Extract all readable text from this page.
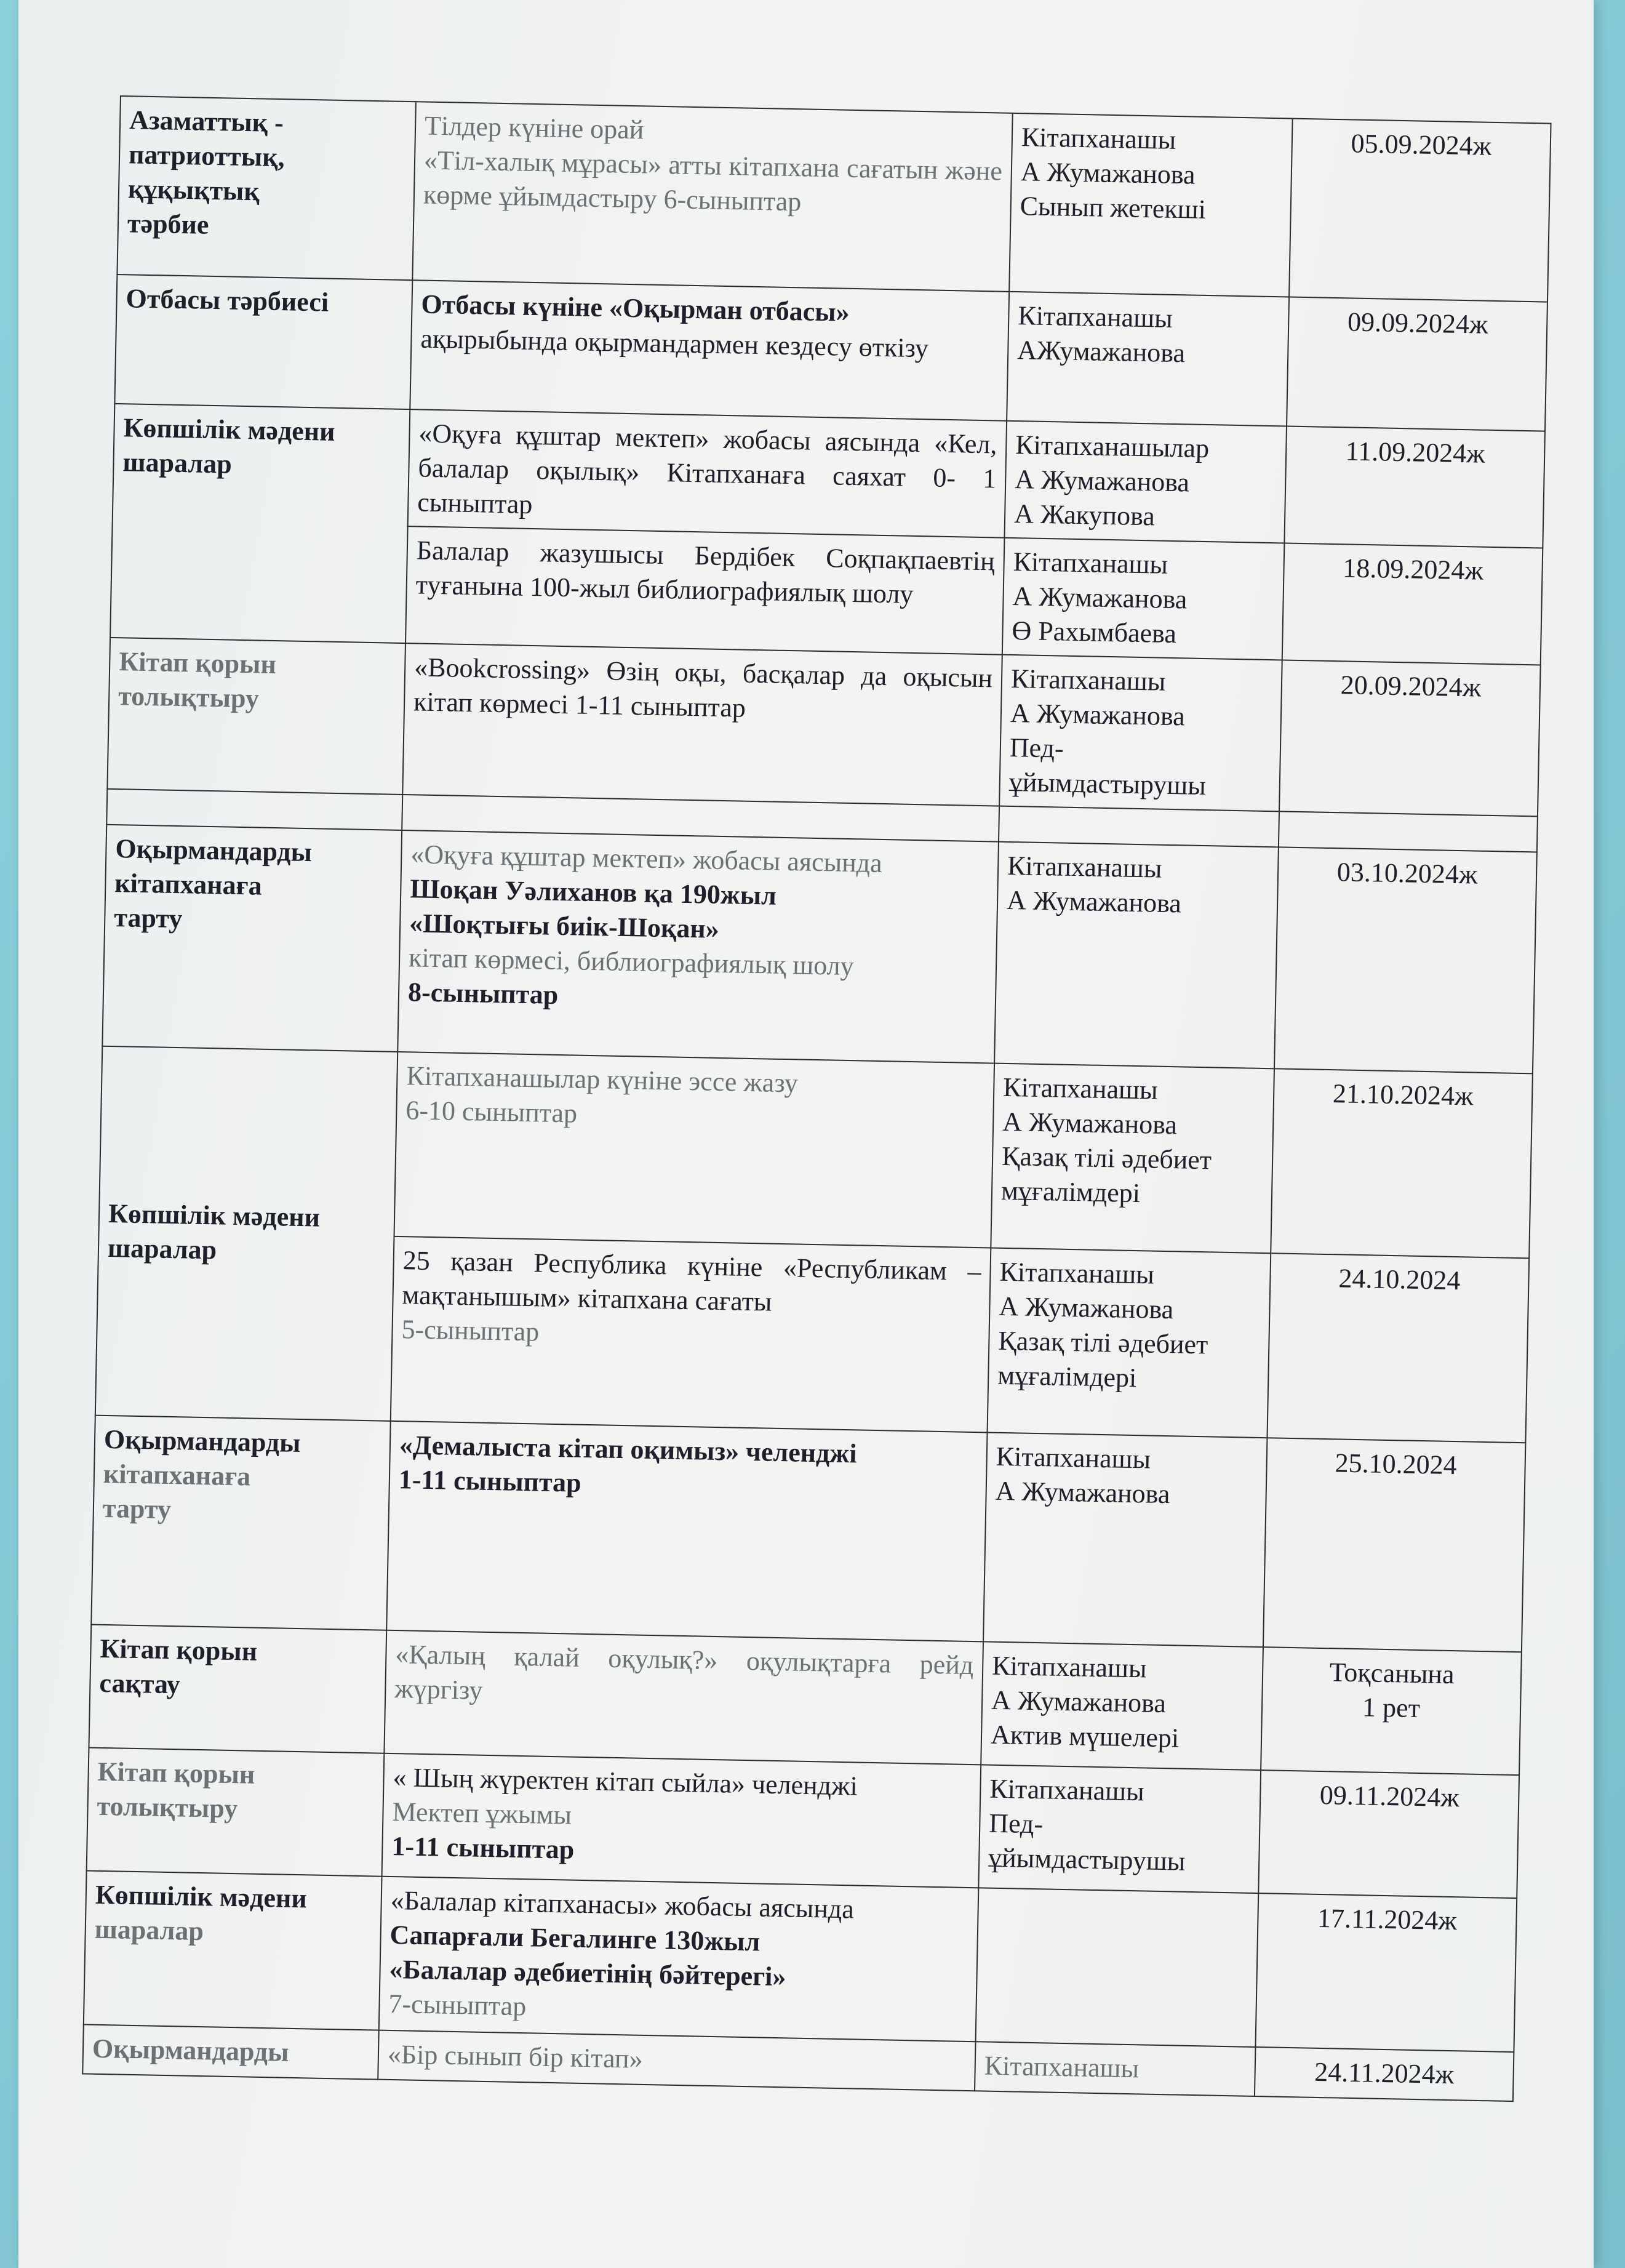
Азаматтық -
патриоттық,
құқықтық
тәрбие	Тілдер күніне орай
«Тіл-халық мұрасы» атты кітапхана сағатын және көрме ұйымдастыру 6-сыныптар	Кітапханашы
А Жумажанова
Сынып жетекші	05.09.2024ж

Отбасы тәрбиесі	Отбасы күніне «Оқырман отбасы»
ақырыбында оқырмандармен кездесу өткізу	Кітапханашы
АЖумажанова	09.09.2024ж

Көпшілік мәдени
шаралар	«Оқуға құштар мектеп» жобасы аясында «Кел, балалар оқылық» Кітапханаға саяхат 0- 1 сыныптар	Кітапханашылар
А Жумажанова
А Жакупова	11.09.2024ж

	Балалар жазушысы Бердібек Соқпақпаевтің туғанына 100-жыл библиографиялық шолу	Кітапханашы
А Жумажанова
Ө Рахымбаева	18.09.2024ж

Кітап қорын
толықтыру	«Bookcrossing» Өзің оқы, басқалар да оқысын кітап көрмесі 1-11 сыныптар	Кітапханашы
А Жумажанова
Пед-
ұйымдастырушы	20.09.2024ж

Оқырмандарды
кітапханаға
тарту	«Оқуға құштар мектеп» жобасы аясында
Шоқан Уәлиханов қа 190жыл
«Шоқтығы биік-Шоқан»
кітап көрмесі, библиографиялық шолу
8-сыныптар	Кітапханашы
А Жумажанова	03.10.2024ж

Көпшілік мәдени
шаралар	Кітапханашылар күніне эссе жазу
6-10 сыныптар	Кітапханашы
А Жумажанова
Қазақ тілі әдебиет
мұғалімдері	21.10.2024ж

	25 қазан Республика күніне «Республикам – мақтанышым» кітапхана сағаты
5-сыныптар	Кітапханашы
А Жумажанова
Қазақ тілі әдебиет
мұғалімдері	24.10.2024

Оқырмандарды
кітапханаға
тарту	«Демалыста кітап оқимыз» челенджі
1-11 сыныптар	Кітапханашы
А Жумажанова	25.10.2024

Кітап қорын
сақтау	«Қалың қалай оқулық?» оқулықтарға рейд жүргізу	Кітапханашы
А Жумажанова
Актив мүшелері	Тоқсанына
1 рет

Кітап қорын
толықтыру	« Шың жүректен кітап сыйла» челенджі
Мектеп ұжымы
1-11 сыныптар	Кітапханашы
Пед-
ұйымдастырушы	09.11.2024ж

Көпшілік мәдени
шаралар	«Балалар кітапханасы» жобасы аясында
Сапарғали Бегалинге 130жыл
«Балалар әдебиетінің бәйтерегі»
7-сыныптар		17.11.2024ж

Оқырмандарды	«Бір сынып бір кітап»	Кітапханашы	24.11.2024ж
